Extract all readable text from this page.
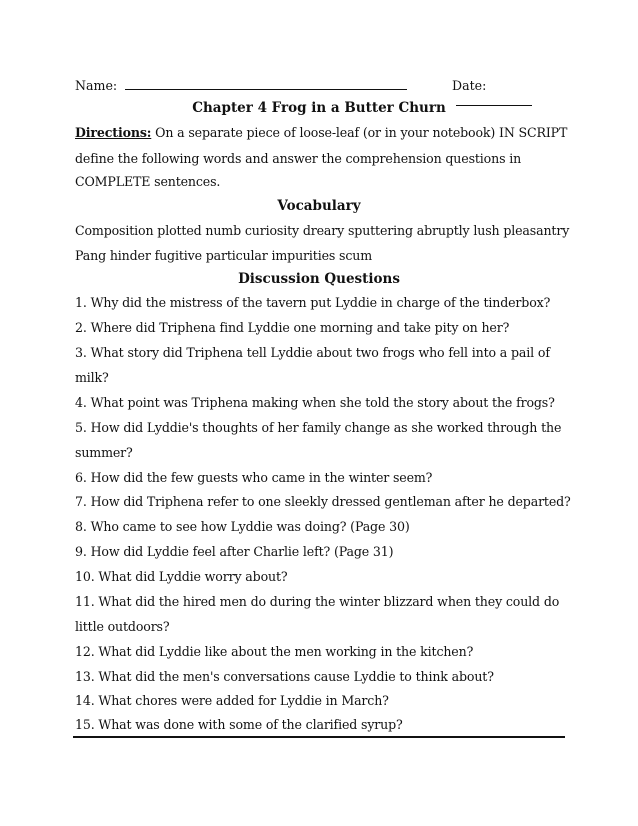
Name:	Date:
Chapter 4 Frog in a Butter Churn
Directions: On a separate piece of loose-leaf (or in your notebook) IN SCRIPT
define the following words and answer the comprehension questions in
COMPLETE sentences.
Vocabulary
Composition plotted numb curiosity dreary sputtering abruptly lush pleasantry
Pang hinder fugitive particular impurities scum
Discussion Questions
1. Why did the mistress of the tavern put Lyddie in charge of the tinderbox?
2. Where did Triphena find Lyddie one morning and take pity on her?
3. What story did Triphena tell Lyddie about two frogs who fell into a pail of
milk?
4. What point was Triphena making when she told the story about the frogs?
5. How did Lyddie's thoughts of her family change as she worked through the
summer?
6. How did the few guests who came in the winter seem?
7. How did Triphena refer to one sleekly dressed gentleman after he departed?
8. Who came to see how Lyddie was doing? (Page 30)
9. How did Lyddie feel after Charlie left? (Page 31)
10. What did Lyddie worry about?
11. What did the hired men do during the winter blizzard when they could do
little outdoors?
12. What did Lyddie like about the men working in the kitchen?
13. What did the men's conversations cause Lyddie to think about?
14. What chores were added for Lyddie in March?
15. What was done with some of the clarified syrup?
